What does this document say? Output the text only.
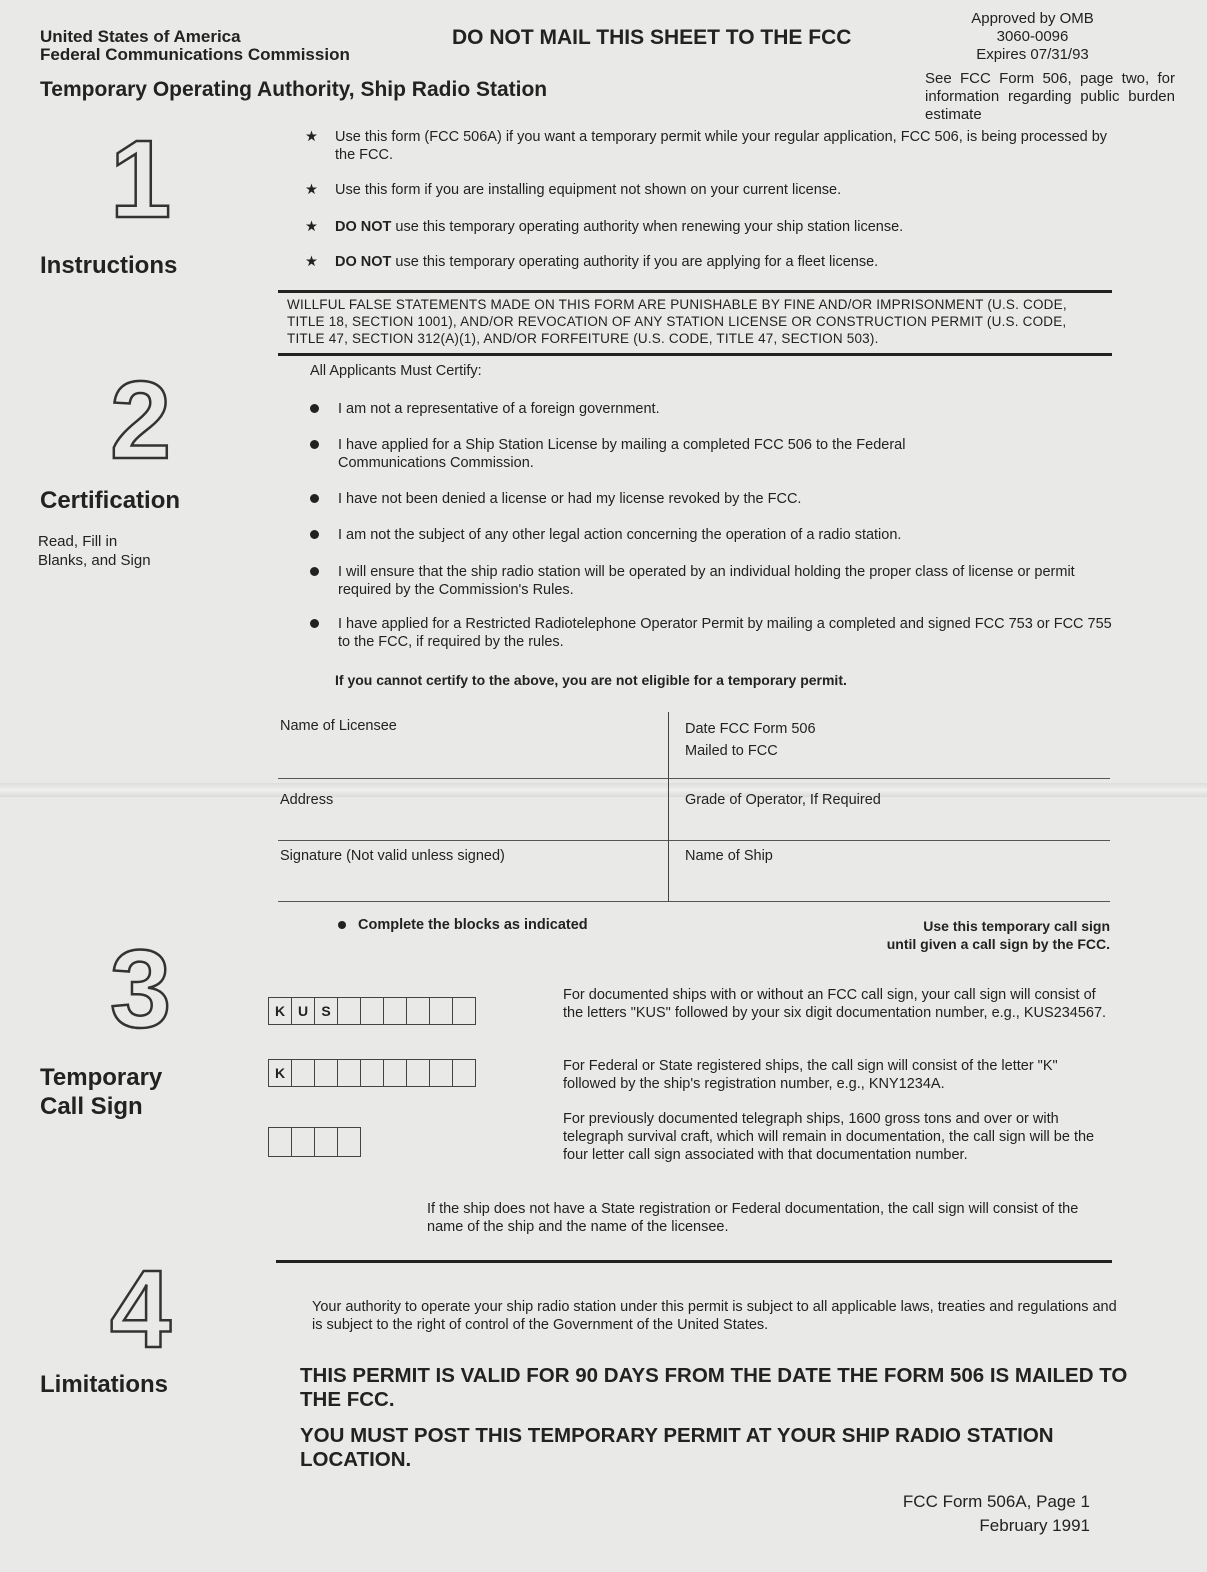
United States of America
Federal Communications Commission
Temporary Operating Authority, Ship Radio Station
DO NOT MAIL THIS SHEET TO THE FCC
Approved by OMB
3060-0096
Expires 07/31/93
See FCC Form 506, page two, for information regarding public burden estimate
1
Instructions
2
Certification
Read, Fill in
Blanks, and Sign
3
Temporary
Call Sign
4
Limitations
★ Use this form (FCC 506A) if you want a temporary permit while your regular application, FCC 506, is being processed by the FCC.
★ Use this form if you are installing equipment not shown on your current license.
★ DO NOT use this temporary operating authority when renewing your ship station license.
★ DO NOT use this temporary operating authority if you are applying for a fleet license.
WILLFUL FALSE STATEMENTS MADE ON THIS FORM ARE PUNISHABLE BY FINE AND/OR IMPRISONMENT (U.S. CODE, TITLE 18, SECTION 1001), AND/OR REVOCATION OF ANY STATION LICENSE OR CONSTRUCTION PERMIT (U.S. CODE, TITLE 47, SECTION 312(A)(1), AND/OR FORFEITURE (U.S. CODE, TITLE 47, SECTION 503).
All Applicants Must Certify:
I am not a representative of a foreign government.
I have applied for a Ship Station License by mailing a completed FCC 506 to the Federal Communications Commission.
I have not been denied a license or had my license revoked by the FCC.
I am not the subject of any other legal action concerning the operation of a radio station.
I will ensure that the ship radio station will be operated by an individual holding the proper class of license or permit required by the Commission's Rules.
I have applied for a Restricted Radiotelephone Operator Permit by mailing a completed and signed FCC 753 or FCC 755 to the FCC, if required by the rules.
If you cannot certify to the above, you are not eligible for a temporary permit.
Name of Licensee	Date FCC Form 506
Mailed to FCC
Address	Grade of Operator, If Required
Signature (Not valid unless signed)	Name of Ship
Complete the blocks as indicated	Use this temporary call sign
until given a call sign by the FCC.
K U S
K
For documented ships with or without an FCC call sign, your call sign will consist of the letters "KUS" followed by your six digit documentation number, e.g., KUS234567.
For Federal or State registered ships, the call sign will consist of the letter "K" followed by the ship's registration number, e.g., KNY1234A.
For previously documented telegraph ships, 1600 gross tons and over or with telegraph survival craft, which will remain in documentation, the call sign will be the four letter call sign associated with that documentation number.
If the ship does not have a State registration or Federal documentation, the call sign will consist of the name of the ship and the name of the licensee.
Your authority to operate your ship radio station under this permit is subject to all applicable laws, treaties and regulations and is subject to the right of control of the Government of the United States.
THIS PERMIT IS VALID FOR 90 DAYS FROM THE DATE THE FORM 506 IS MAILED TO THE FCC.
YOU MUST POST THIS TEMPORARY PERMIT AT YOUR SHIP RADIO STATION LOCATION.
FCC Form 506A, Page 1
February 1991
